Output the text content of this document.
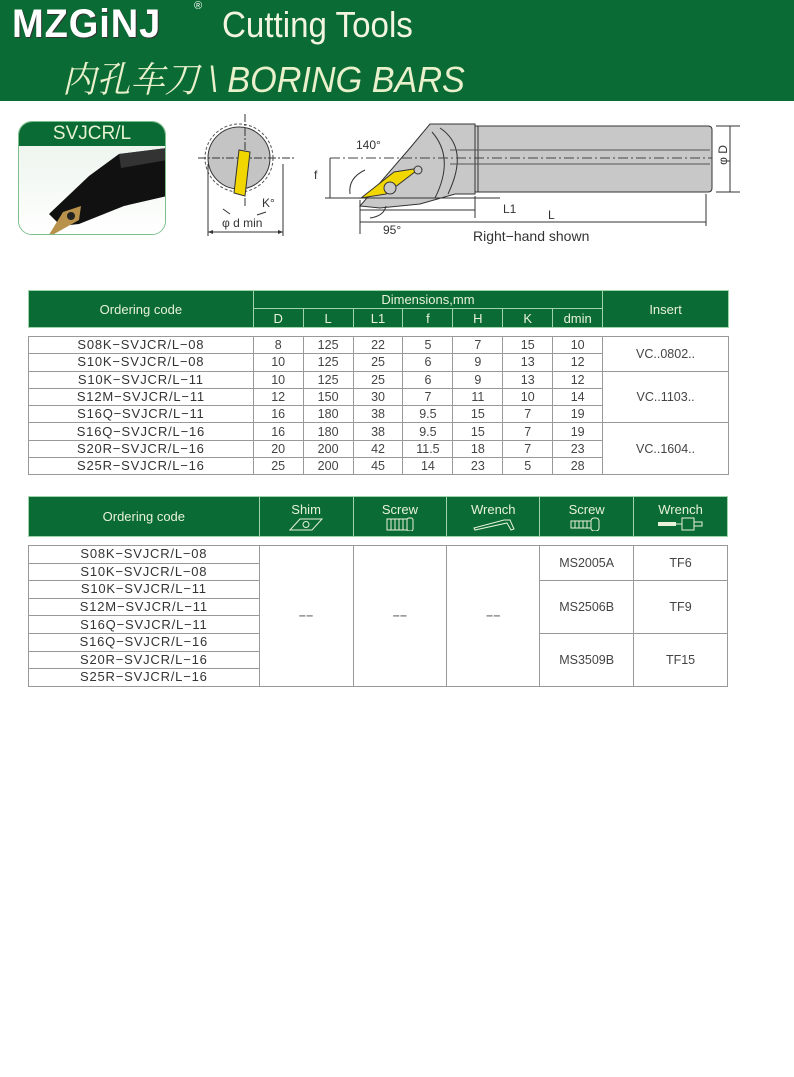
MZGiNJ	® Cutting Tools
内孔车刀 \ BORING BARS
SVJCR/L
K°
φ d min
140°
f
L1	L
φ D
95°	Right−hand shown
Ordering code	Dimensions,mm							Insert
	D	L	L1	f	H	K	dmin	

S08K−SVJCR/L−08	8	125	22	5	7	15	10	VC..0802..
S10K−SVJCR/L−08	10	125	25	6	9	13	12	
S10K−SVJCR/L−11	10	125	25	6	9	13	12	VC..1103..
S12M−SVJCR/L−11	12	150	30	7	11	10	14	
S16Q−SVJCR/L−11	16	180	38	9.5	15	7	19	
S16Q−SVJCR/L−16	16	180	38	9.5	15	7	19	VC..1604..
S20R−SVJCR/L−16	20	200	42	11.5	18	7	23	
S25R−SVJCR/L−16	25	200	45	14	23	5	28	
Ordering code	Shim	Screw	Wrench	Screw	Wrench

S08K−SVJCR/L−08	−−	−−	−−	MS2005A	TF6
S10K−SVJCR/L−08					
S10K−SVJCR/L−11				MS2506B	TF9
S12M−SVJCR/L−11					
S16Q−SVJCR/L−11					
S16Q−SVJCR/L−16				MS3509B	TF15
S20R−SVJCR/L−16					
S25R−SVJCR/L−16					
